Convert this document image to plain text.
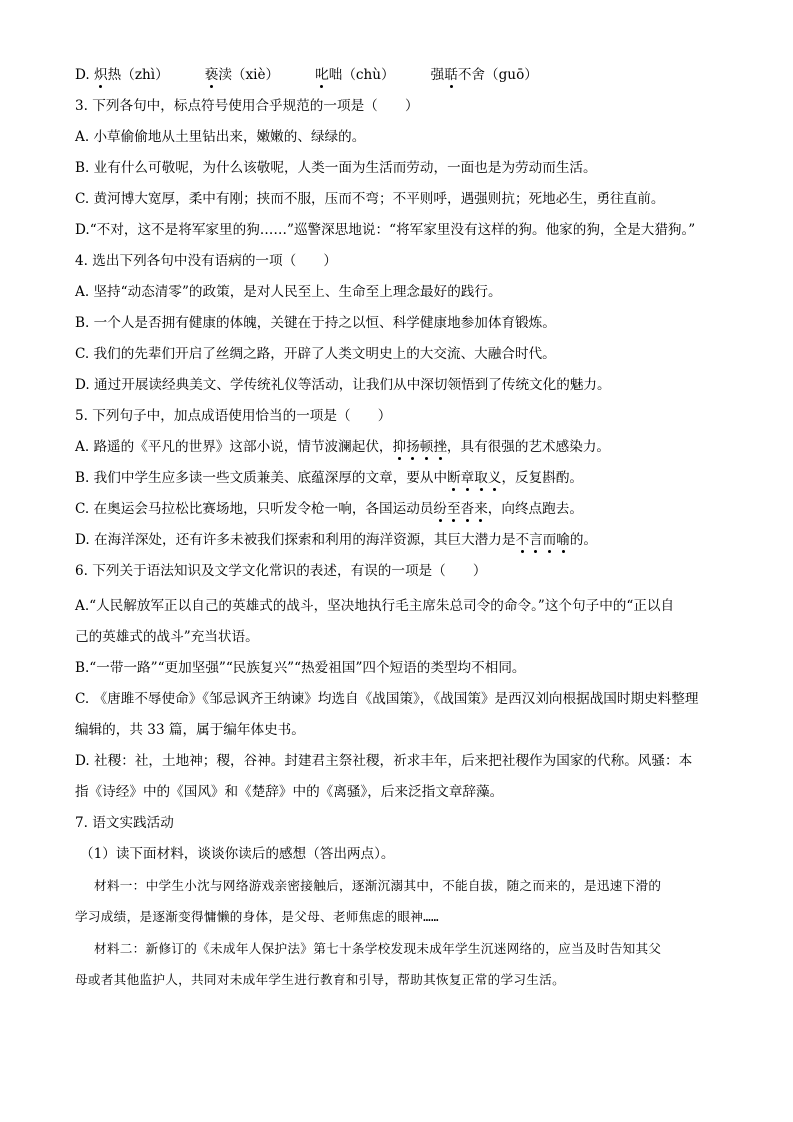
D. 炽热（zhì）	亵渎（xiè）	叱咄（chù）	强聒不舍（guō）
3. 下列各句中，标点符号使用合乎规范的一项是（　　）
A. 小草偷偷地从土里钻出来，嫩嫩的、绿绿的。
B. 业有什么可敬呢，为什么该敬呢，人类一面为生活而劳动，一面也是为劳动而生活。
C. 黄河博大宽厚，柔中有刚；挟而不服，压而不弯；不平则呼，遇强则抗；死地必生，勇往直前。
D.“不对，这不是将军家里的狗……”巡警深思地说：“将军家里没有这样的狗。他家的狗，全是大猎狗。”
4. 选出下列各句中没有语病的一项（　　）
A. 坚持“动态清零”的政策，是对人民至上、生命至上理念最好的践行。
B. 一个人是否拥有健康的体魄，关键在于持之以恒、科学健康地参加体育锻炼。
C. 我们的先辈们开启了丝绸之路，开辟了人类文明史上的大交流、大融合时代。
D. 通过开展读经典美文、学传统礼仪等活动，让我们从中深切领悟到了传统文化的魅力。
5. 下列句子中，加点成语使用恰当的一项是（　　）
A. 路遥的《平凡的世界》这部小说，情节波澜起伏，抑扬顿挫，具有很强的艺术感染力。
B. 我们中学生应多读一些文质兼美、底蕴深厚的文章，要从中断章取义，反复斟酌。
C. 在奥运会马拉松比赛场地，只听发令枪一响，各国运动员纷至沓来，向终点跑去。
D. 在海洋深处，还有许多未被我们探索和利用的海洋资源，其巨大潜力是不言而喻的。
6. 下列关于语法知识及文学文化常识的表述，有误的一项是（　　）
A.“人民解放军正以自己的英雄式的战斗，坚决地执行毛主席朱总司令的命令。”这个句子中的“正以自
己的英雄式的战斗”充当状语。
B.“一带一路”“更加坚强”“民族复兴”“热爱祖国”四个短语的类型均不相同。
C. 《唐雎不辱使命》《邹忌讽齐王纳谏》均选自《战国策》，《战国策》是西汉刘向根据战国时期史料整理
编辑的，共 33 篇，属于编年体史书。
D. 社稷：社，土地神；稷，谷神。封建君主祭社稷，祈求丰年，后来把社稷作为国家的代称。风骚：本
指《诗经》中的《国风》和《楚辞》中的《离骚》，后来泛指文章辞藻。
7. 语文实践活动
（1）读下面材料，谈谈你读后的感想（答出两点）。
材料一：中学生小沈与网络游戏亲密接触后，逐渐沉溺其中，不能自拔，随之而来的，是迅速下滑的
学习成绩，是逐渐变得慵懒的身体，是父母、老师焦虑的眼神……
材料二：新修订的《未成年人保护法》第七十条学校发现未成年学生沉迷网络的，应当及时告知其父
母或者其他监护人，共同对未成年学生进行教育和引导，帮助其恢复正常的学习生活。
